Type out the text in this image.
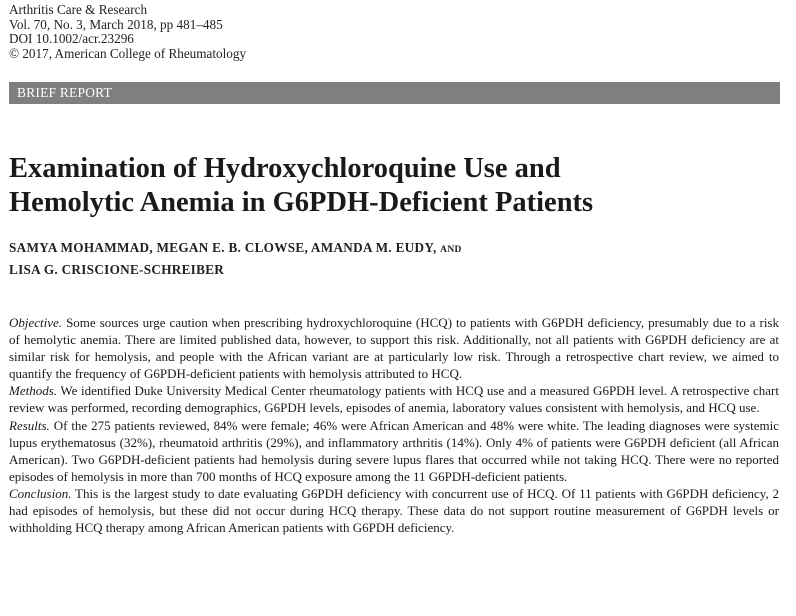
Arthritis Care & Research
Vol. 70, No. 3, March 2018, pp 481–485
DOI 10.1002/acr.23296
© 2017, American College of Rheumatology
BRIEF REPORT
Examination of Hydroxychloroquine Use and
Hemolytic Anemia in G6PDH-Deficient Patients
SAMYA MOHAMMAD, MEGAN E. B. CLOWSE, AMANDA M. EUDY, AND
LISA G. CRISCIONE-SCHREIBER

Objective. Some sources urge caution when prescribing hydroxychloroquine (HCQ) to patients with G6PDH deficiency, presumably due to a risk of hemolytic anemia. There are limited published data, however, to support this risk. Additionally, not all patients with G6PDH deficiency are at similar risk for hemolysis, and people with the African variant are at particularly low risk. Through a retrospective chart review, we aimed to quantify the frequency of G6PDH-deficient patients with hemolysis attributed to HCQ.

Methods. We identified Duke University Medical Center rheumatology patients with HCQ use and a measured G6PDH level. A retrospective chart review was performed, recording demographics, G6PDH levels, episodes of anemia, laboratory values consistent with hemolysis, and HCQ use.

Results. Of the 275 patients reviewed, 84% were female; 46% were African American and 48% were white. The leading diagnoses were systemic lupus erythematosus (32%), rheumatoid arthritis (29%), and inflammatory arthritis (14%). Only 4% of patients were G6PDH deficient (all African American). Two G6PDH-deficient patients had hemolysis during severe lupus flares that occurred while not taking HCQ. There were no reported episodes of hemolysis in more than 700 months of HCQ exposure among the 11 G6PDH-deficient patients.

Conclusion. This is the largest study to date evaluating G6PDH deficiency with concurrent use of HCQ. Of 11 patients with G6PDH deficiency, 2 had episodes of hemolysis, but these did not occur during HCQ therapy. These data do not support routine measurement of G6PDH levels or withholding HCQ therapy among African American patients with G6PDH deficiency.
